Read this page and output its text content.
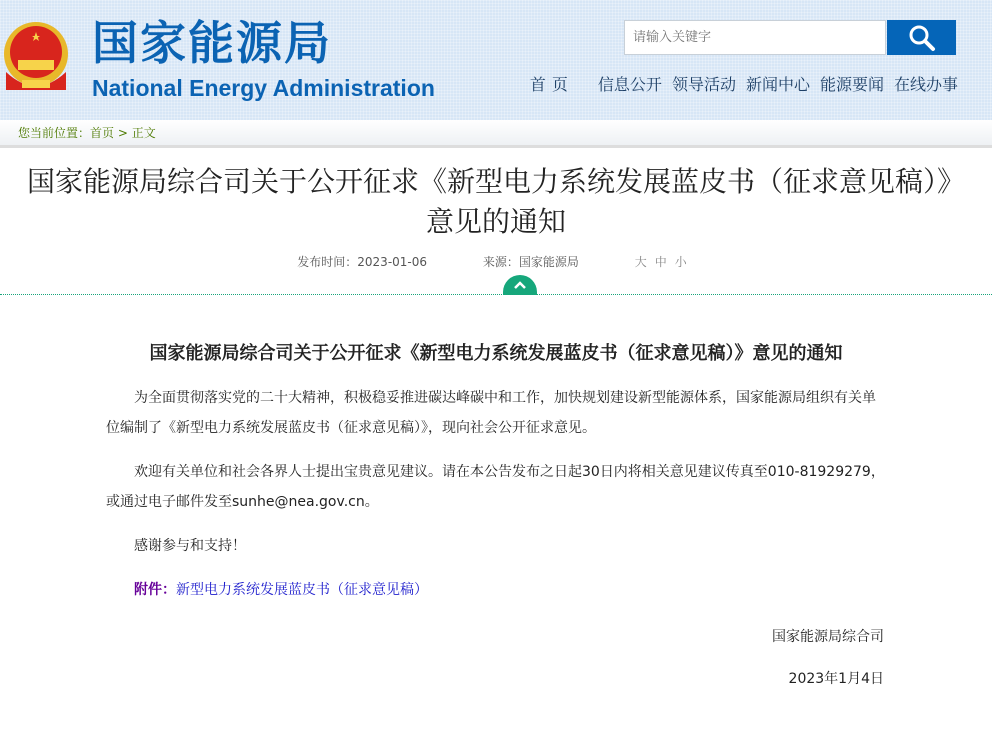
国家能源局
National Energy Administration
请输入关键字	首页 信息公开 领导活动 新闻中心 能源要闻 在线办事
您当前位置：首页 > 正文
国家能源局综合司关于公开征求《新型电力系统发展蓝皮书（征求意见稿）》意见的通知
发布时间：2023-01-06	来源：国家能源局	大中小
国家能源局综合司关于公开征求《新型电力系统发展蓝皮书（征求意见稿）》意见的通知

为全面贯彻落实党的二十大精神，积极稳妥推进碳达峰碳中和工作，加快规划建设新型能源体系，国家能源局组织有关单位编制了《新型电力系统发展蓝皮书（征求意见稿）》，现向社会公开征求意见。

欢迎有关单位和社会各界人士提出宝贵意见建议。请在本公告发布之日起30日内将相关意见建议传真至010-81929279，或通过电子邮件发至sunhe@nea.gov.cn。

感谢参与和支持！

附件：新型电力系统发展蓝皮书（征求意见稿）

国家能源局综合司

2023年1月4日
